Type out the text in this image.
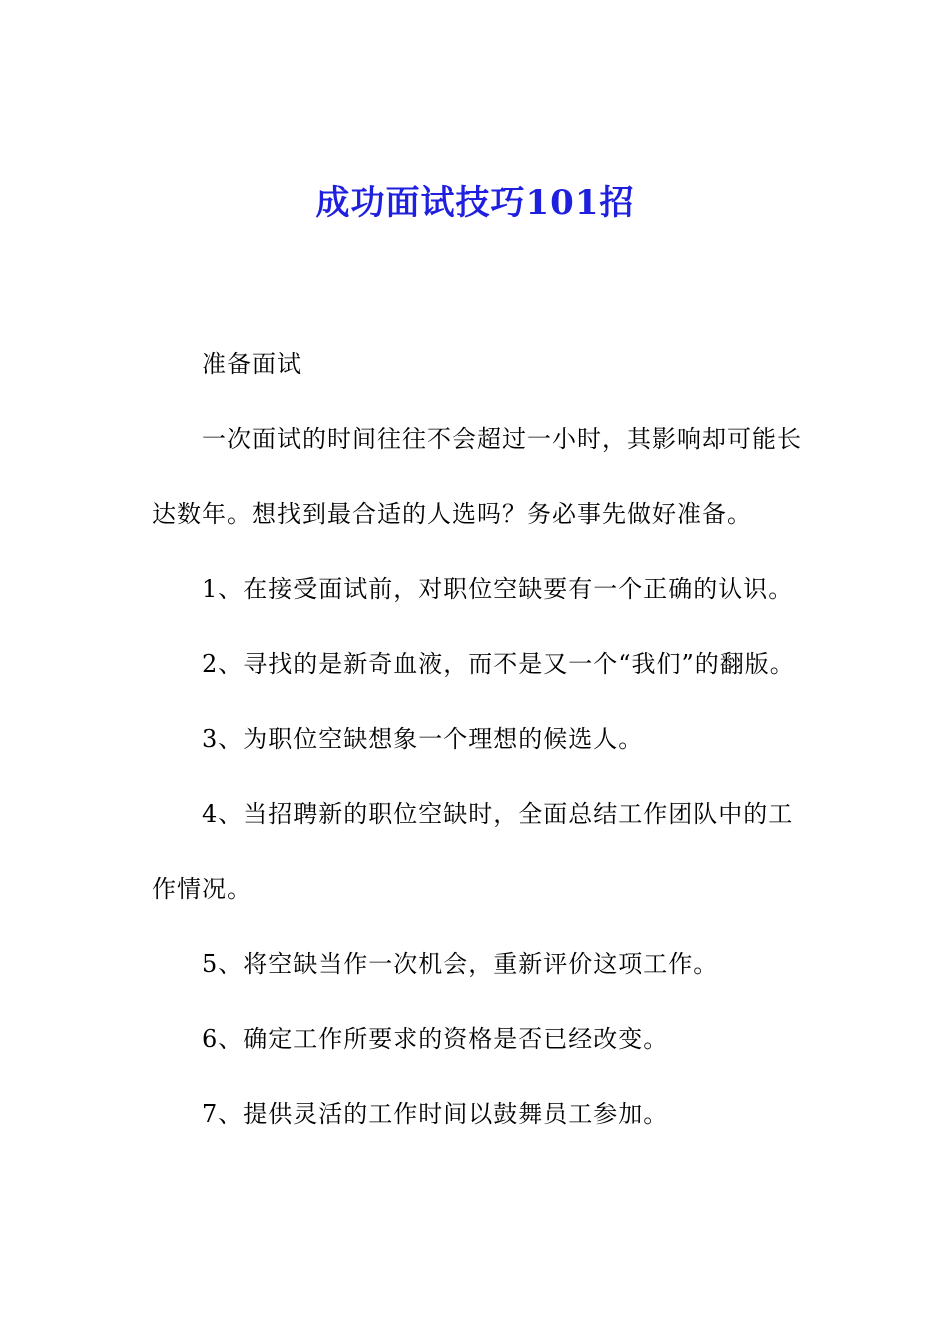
成功面试技巧101招

准备面试

一次面试的时间往往不会超过一小时，其影响却可能长达数年。想找到最合适的人选吗？务必事先做好准备。

1、在接受面试前，对职位空缺要有一个正确的认识。

2、寻找的是新奇血液，而不是又一个“我们”的翻版。

3、为职位空缺想象一个理想的候选人。

4、当招聘新的职位空缺时，全面总结工作团队中的工作情况。

5、将空缺当作一次机会，重新评价这项工作。

6、确定工作所要求的资格是否已经改变。

7、提供灵活的工作时间以鼓舞员工参加。
